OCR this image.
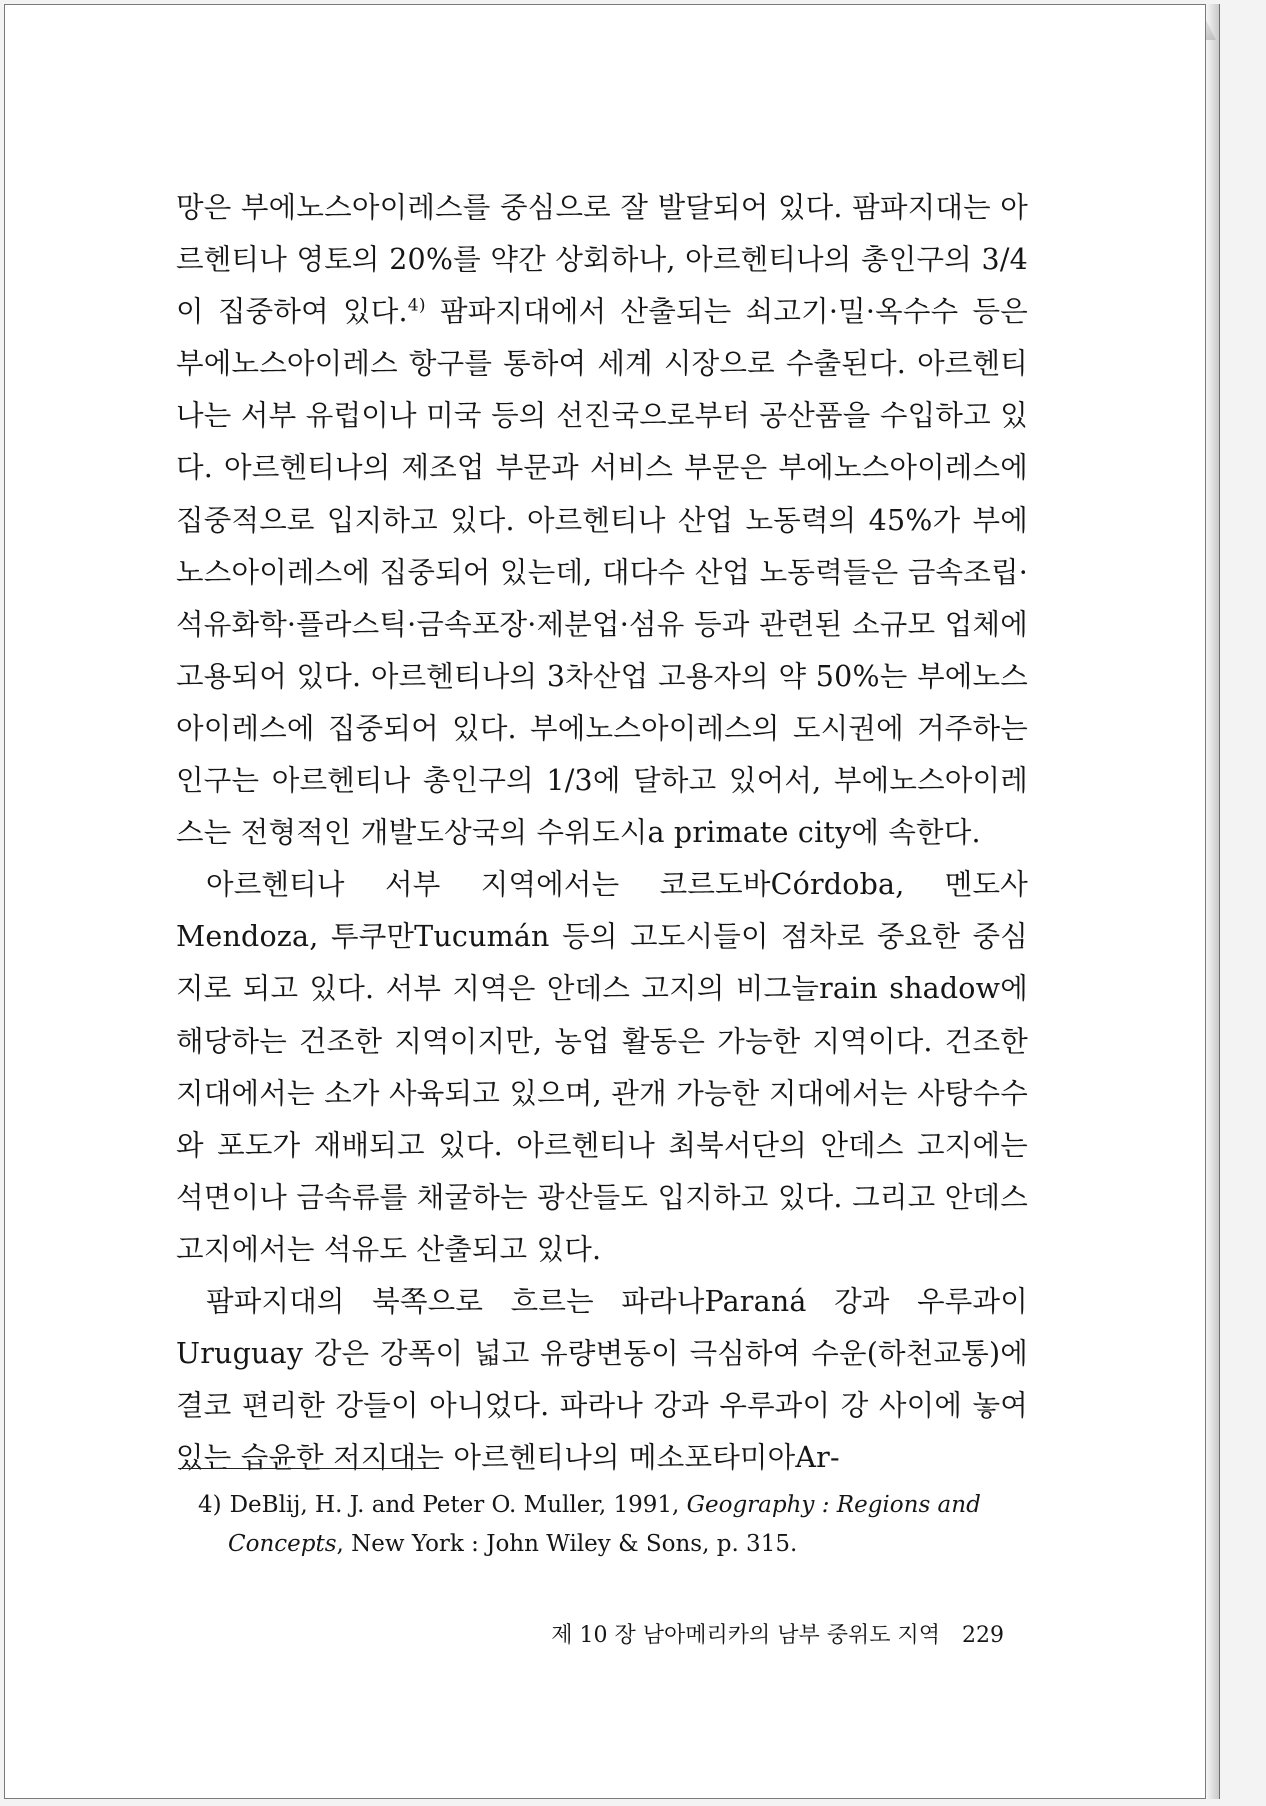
망은 부에노스아이레스를 중심으로 잘 발달되어 있다. 팜파지대는 아르헨티나 영토의 20%를 약간 상회하나, 아르헨티나의 총인구의 3/4이 집중하여 있다.$^{4)}$ 팜파지대에서 산출되는 쇠고기·밀·옥수수 등은 부에노스아이레스 항구를 통하여 세계 시장으로 수출된다. 아르헨티나는 서부 유럽이나 미국 등의 선진국으로부터 공산품을 수입하고 있다. 아르헨티나의 제조업 부문과 서비스 부문은 부에노스아이레스에 집중적으로 입지하고 있다. 아르헨티나 산업 노동력의 45%가 부에노스아이레스에 집중되어 있는데, 대다수 산업 노동력들은 금속조립·석유화학·플라스틱·금속포장·제분업·섬유 등과 관련된 소규모 업체에 고용되어 있다. 아르헨티나의 3차산업 고용자의 약 50%는 부에노스아이레스에 집중되어 있다. 부에노스아이레스의 도시권에 거주하는 인구는 아르헨티나 총인구의 1/3에 달하고 있어서, 부에노스아이레스는 전형적인 개발도상국의 수위도시a primate city에 속한다.

아르헨티나 서부 지역에서는 코르도바Córdoba, 멘도사Mendoza, 투쿠만Tucumán 등의 고도시들이 점차로 중요한 중심지로 되고 있다. 서부 지역은 안데스 고지의 비그늘rain shadow에 해당하는 건조한 지역이지만, 농업 활동은 가능한 지역이다. 건조한 지대에서는 소가 사육되고 있으며, 관개 가능한 지대에서는 사탕수수와 포도가 재배되고 있다. 아르헨티나 최북서단의 안데스 고지에는 석면이나 금속류를 채굴하는 광산들도 입지하고 있다. 그리고 안데스 고지에서는 석유도 산출되고 있다.

팜파지대의 북쪽으로 흐르는 파라나Paraná 강과 우루과이Uruguay 강은 강폭이 넓고 유량변동이 극심하여 수운(하천교통)에 결코 편리한 강들이 아니었다. 파라나 강과 우루과이 강 사이에 놓여 있는 습윤한 저지대는 아르헨티나의 메소포타미아Ar-

4) DeBlij, H. J. and Peter O. Muller, 1991, Geography : Regions and
Concepts, New York : John Wiley & Sons, p. 315.
제 10 장 남아메리카의 남부 중위도 지역 229
